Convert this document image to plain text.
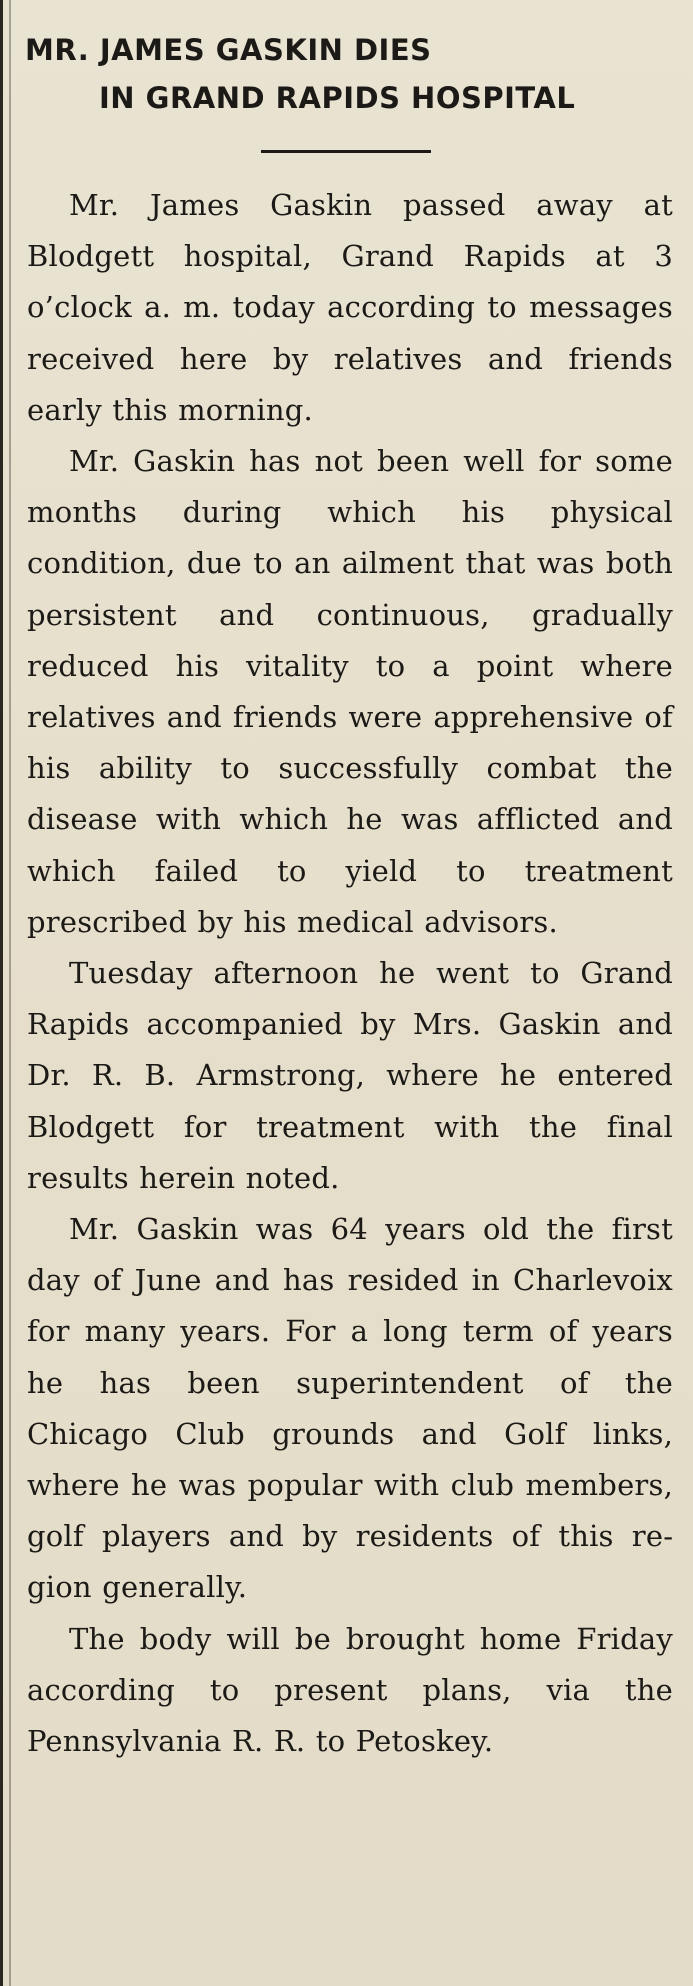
MR. JAMES GASKIN DIES
IN GRAND RAPIDS HOSPITAL

Mr. James Gaskin passed away at Blodgett hospital, Grand Rapids at 3 o’clock a. m. today according to messages received here by relatives and friends early this morning.

Mr. Gaskin has not been well for some months during which his physical condition, due to an ailment that was both persistent and continuous, gradually reduced his vitality to a point where relatives and friends were apprehensive of his ability to successfully combat the disease with which he was afflicted and which failed to yield to treatment prescribed by his medical advisors.

Tuesday afternoon he went to Grand Rapids accompanied by Mrs. Gaskin and Dr. R. B. Armstrong, where he entered Blodgett for treatment with the final results herein noted.

Mr. Gaskin was 64 years old the first day of June and has resided in Charlevoix for many years. For a long term of years he has been superintendent of the Chicago Club grounds and Golf links, where he was popular with club members, golf players and by residents of this region generally.

The body will be brought home Friday according to present plans, via the Pennsylvania R. R. to Petoskey.
